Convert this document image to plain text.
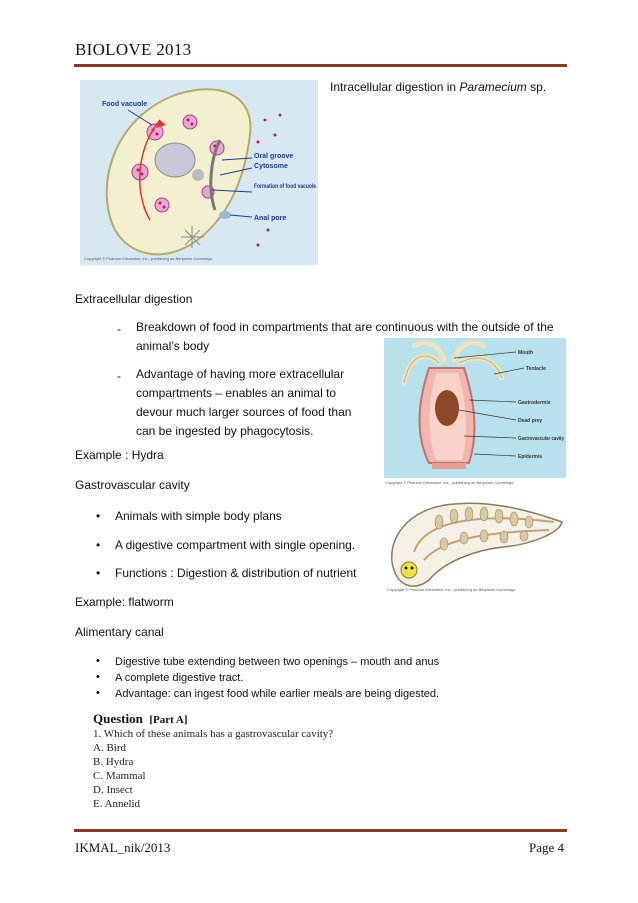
BIOLOVE 2013
Food vacuole
Oral groove
Cytosome
Formation of food vacuole
Anal pore
Copyright © Pearson Education, Inc., publishing as Benjamin Cummings
Intracellular digestion in Paramecium sp.
Extracellular digestion
- Breakdown of food in compartments that are continuous with the outside of the animal’s body
- Advantage of having more extracellular compartments – enables an animal to devour much larger sources of food than can be ingested by phagocytosis.
Example : Hydra
Mouth
Tentacle
Gastrodermis
Dead prey
Gastrovascular cavity
Epidermis
Copyright © Pearson Education, Inc., publishing as Benjamin Cummings
Gastrovascular cavity
• Animals with simple body plans
• A digestive compartment with single opening.
• Functions : Digestion & distribution of nutrient
Copyright © Pearson Education, Inc., publishing as Benjamin Cummings
Example: flatworm
Alimentary canal
• Digestive tube extending between two openings – mouth and anus
• A complete digestive tract.
• Advantage: can ingest food while earlier meals are being digested.
Question [Part A]
1. Which of these animals has a gastrovascular cavity?
A. Bird
B. Hydra
C. Mammal
D. Insect
E. Annelid
IKMAL_nik/2013	Page 4
